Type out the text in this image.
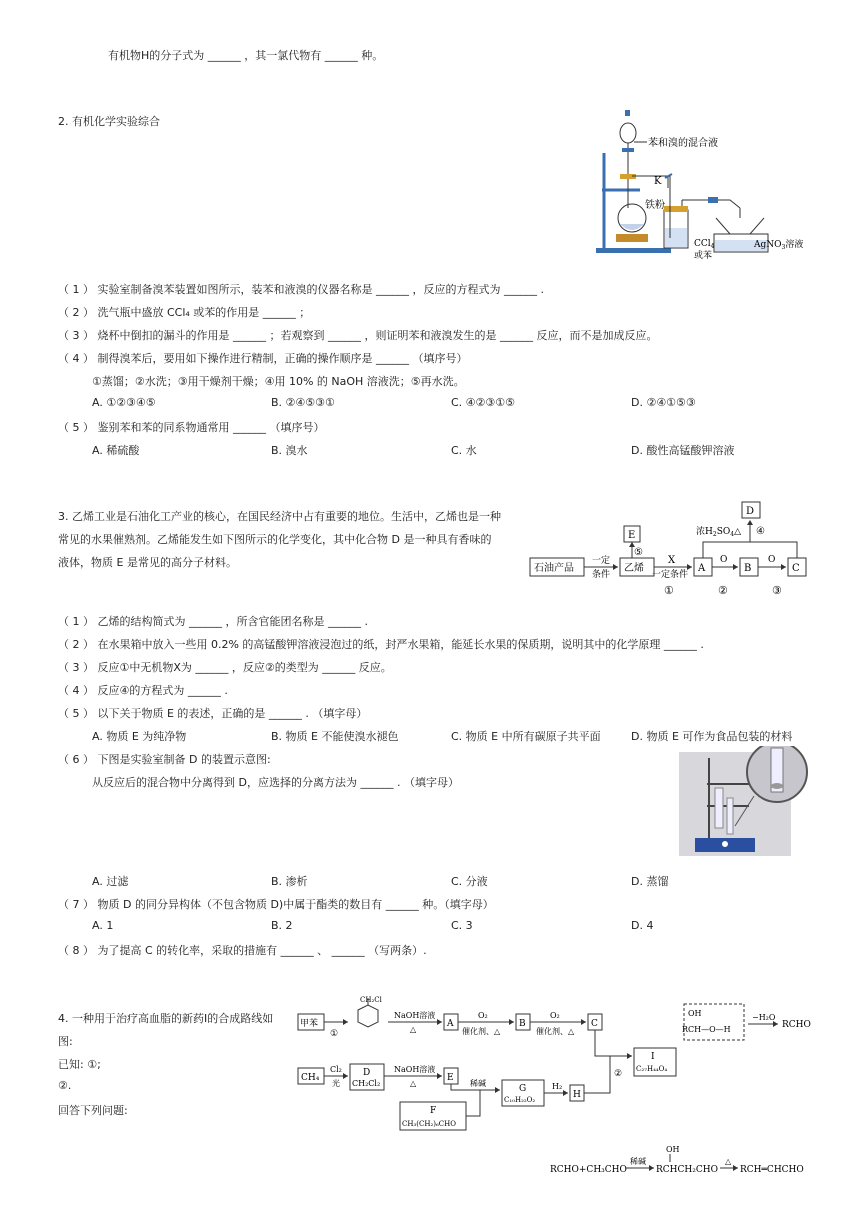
有机物H的分子式为 ______ ，其一氯代物有 ______ 种。
2. 有机化学实验综合
苯和溴的混合液
K
铁粉
CCl$_4$
或苯
AgNO$_3$溶液
（ 1 ） 实验室制备溴苯装置如图所示，装苯和液溴的仪器名称是 ______ ，反应的方程式为 ______ .
（ 2 ） 洗气瓶中盛放 CCl₄ 或苯的作用是 ______ ；
（ 3 ） 烧杯中倒扣的漏斗的作用是 ______ ；若观察到 ______ ，则证明苯和液溴发生的是 ______ 反应，而不是加成反应。
（ 4 ） 制得溴苯后，要用如下操作进行精制，正确的操作顺序是 ______ （填序号）
①蒸馏；②水洗；③用干燥剂干燥；④用 10% 的 NaOH 溶液洗；⑤再水洗。
A. ①②③④⑤	B. ②④⑤③①	C. ④②③①⑤	D. ②④①⑤③
（ 5 ） 鉴别苯和苯的同系物通常用 ______ （填序号）
A. 稀硫酸	B. 溴水	C. 水	D. 酸性高锰酸钾溶液
3. 乙烯工业是石油化工产业的核心，在国民经济中占有重要的地位。生活中，乙烯也是一种
常见的水果催熟剂。乙烯能发生如下图所示的化学变化，其中化合物 D 是一种具有香味的
液体，物质 E 是常见的高分子材料。	石油产品
一定
条件
乙烯
E
⑤
X
一定条件
A
O
B
O
C
D
浓$H_2SO_4\triangle$ ④
①	②	③
（ 1 ） 乙烯的结构简式为 ______ ，所含官能团名称是 ______ .
（ 2 ） 在水果箱中放入一些用 0.2% 的高锰酸钾溶液浸泡过的纸，封严水果箱，能延长水果的保质期，说明其中的化学原理 ______ .
（ 3 ） 反应①中无机物X为 ______ ，反应②的类型为 ______ 反应。
（ 4 ） 反应④的方程式为 ______ .
（ 5 ） 以下关于物质 E 的表述，正确的是 ______ . （填字母）
A. 物质 E 为纯净物	B. 物质 E 不能使溴水褪色	C. 物质 E 中所有碳原子共平面	D. 物质 E 可作为食品包装的材料
（ 6 ） 下图是实验室制备 D 的装置示意图:
从反应后的混合物中分离得到 D，应选择的分离方法为 ______ . （填字母）
A. 过滤	B. 渗析	C. 分液	D. 蒸馏
（ 7 ） 物质 D 的同分异构体（不包含物质 D)中属于酯类的数目有 ______ 种。（填字母）
A. 1	B. 2	C. 3	D. 4
（ 8 ） 为了提高 C 的转化率，采取的措施有 ______ 、 ______ （写两条）.
4. 一种用于治疗高血脂的新药I的合成路线如
图:
已知: ①;
②.
回答下列问题:
甲苯
①
CH₂Cl
NaOH溶液
△
A
O₂
催化剂、△
B
O₂
催化剂、△
C
OH
RCH—O—H
−H₂O
RCHO
CH₄
Cl₂
光
D
CH₂Cl₂
NaOH溶液
△
E
稀碱
G
C₁₀H₂₂O₂
H₂
H
②
I
C₂₇H₄₄O₄
F
CH₃(CH₂)₆CHO
RCHO+CH₃CHO
稀碱
OH
RCHCH₂CHO
△
RCH═CHCHO
